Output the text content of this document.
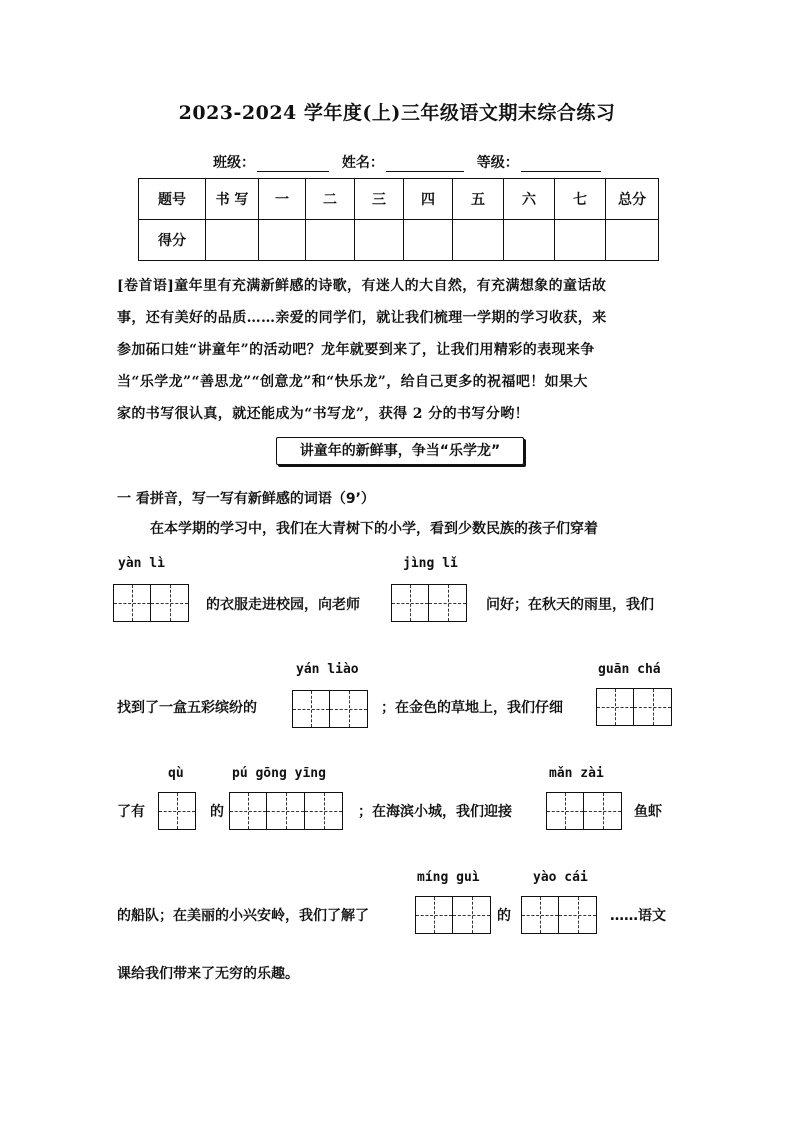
2023-2024 学年度(上)三年级语文期末综合练习
班级：	姓名：	等级：
题号	书 写	一	二	三	四	五	六	七	总分
得分									
[卷首语]童年里有充满新鲜感的诗歌，有迷人的大自然，有充满想象的童话故
事，还有美好的品质……亲爱的同学们，就让我们梳理一学期的学习收获，来
参加砳口娃“讲童年”的活动吧？龙年就要到来了，让我们用精彩的表现来争
当“乐学龙”“善思龙”“创意龙”和“快乐龙”，给自己更多的祝福吧！如果大
家的书写很认真，就还能成为“书写龙”，获得 2 分的书写分哟！
讲童年的新鲜事，争当“乐学龙”
一 看拼音，写一写有新鲜感的词语（9’）
在本学期的学习中，我们在大青树下的小学，看到少数民族的孩子们穿着
yàn lì
的衣服走进校园，向老师
jìng lǐ
问好；在秋天的雨里，我们
yán liào
找到了一盒五彩缤纷的	；在金色的草地上，我们仔细
guān chá
了有
qù
的
pú gōng yīng
；在海滨小城，我们迎接
mǎn zài
鱼虾
的船队；在美丽的小兴安岭，我们了解了
míng guì
的
yào cái
……语文
课给我们带来了无穷的乐趣。
